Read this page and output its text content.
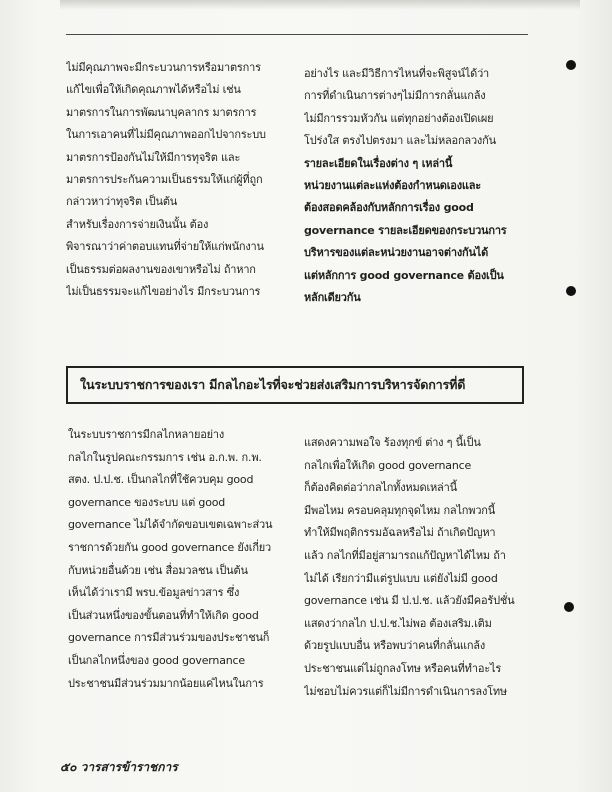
ไม่มีคุณภาพจะมีกระบวนการหรือมาตรการ
แก้ไขเพื่อให้เกิดคุณภาพได้หรือไม่ เช่น
มาตรการในการพัฒนาบุคลากร มาตรการ
ในการเอาคนที่ไม่มีคุณภาพออกไปจากระบบ
มาตรการป้องกันไม่ให้มีการทุจริต และ
มาตรการประกันความเป็นธรรมให้แก่ผู้ที่ถูก
กล่าวหาว่าทุจริต เป็นต้น
สำหรับเรื่องการจ่ายเงินนั้น ต้อง
พิจารณาว่าค่าตอบแทนที่จ่ายให้แก่พนักงาน
เป็นธรรมต่อผลงานของเขาหรือไม่ ถ้าหาก
ไม่เป็นธรรมจะแก้ไขอย่างไร มีกระบวนการ
อย่างไร และมีวิธีการไหนที่จะพิสูจน์ได้ว่า
การที่ดำเนินการต่างๆไม่มีการกลั่นแกล้ง
ไม่มีการรวมหัวกัน แต่ทุกอย่างต้องเปิดเผย
โปร่งใส ตรงไปตรงมา และไม่หลอกลวงกัน
รายละเอียดในเรื่องต่าง ๆ เหล่านี้
หน่วยงานแต่ละแห่งต้องกำหนดเองและ
ต้องสอดคล้องกับหลักการเรื่อง good
governance รายละเอียดของกระบวนการ
บริหารของแต่ละหน่วยงานอาจต่างกันได้
แต่หลักการ good governance ต้องเป็น
หลักเดียวกัน
ในระบบราชการของเรา มีกลไกอะไรที่จะช่วยส่งเสริมการบริหารจัดการที่ดี
ในระบบราชการมีกลไกหลายอย่าง
กลไกในรูปคณะกรรมการ เช่น อ.ก.พ. ก.พ.
สตง. ป.ป.ช. เป็นกลไกที่ใช้ควบคุม good
governance ของระบบ แต่ good
governance ไม่ได้จำกัดขอบเขตเฉพาะส่วน
ราชการด้วยกัน good governance ยังเกี่ยว
กับหน่วยอื่นด้วย เช่น สื่อมวลชน เป็นต้น
เห็นได้ว่าเรามี พรบ.ข้อมูลข่าวสาร ซึ่ง
เป็นส่วนหนึ่งของขั้นตอนที่ทำให้เกิด good
governance การมีส่วนร่วมของประชาชนก็
เป็นกลไกหนึ่งของ good governance
ประชาชนมีส่วนร่วมมากน้อยแค่ไหนในการ
แสดงความพอใจ ร้องทุกข์ ต่าง ๆ นี้เป็น
กลไกเพื่อให้เกิด good governance
ก็ต้องคิดต่อว่ากลไกทั้งหมดเหล่านี้
มีพอไหม ครอบคลุมทุกจุดไหม กลไกพวกนี้
ทำให้มีพฤติกรรมอัฉลหรือไม่ ถ้าเกิดปัญหา
แล้ว กลไกที่มีอยู่สามารถแก้ปัญหาได้ไหม ถ้า
ไม่ได้ เรียกว่ามีแต่รูปแบบ แต่ยังไม่มี good
governance เช่น มี ป.ป.ช. แล้วยังมีคอรัปชั่น
แสดงว่ากลไก ป.ป.ช.ไม่พอ ต้องเสริม.เติม
ด้วยรูปแบบอื่น หรือพบว่าคนที่กลั่นแกล้ง
ประชาชนแต่ไม่ถูกลงโทษ หรือคนที่ทำอะไร
ไม่ชอบไม่ควรแต่ก็ไม่มีการดำเนินการลงโทษ
๕๐ วารสารข้าราชการ
